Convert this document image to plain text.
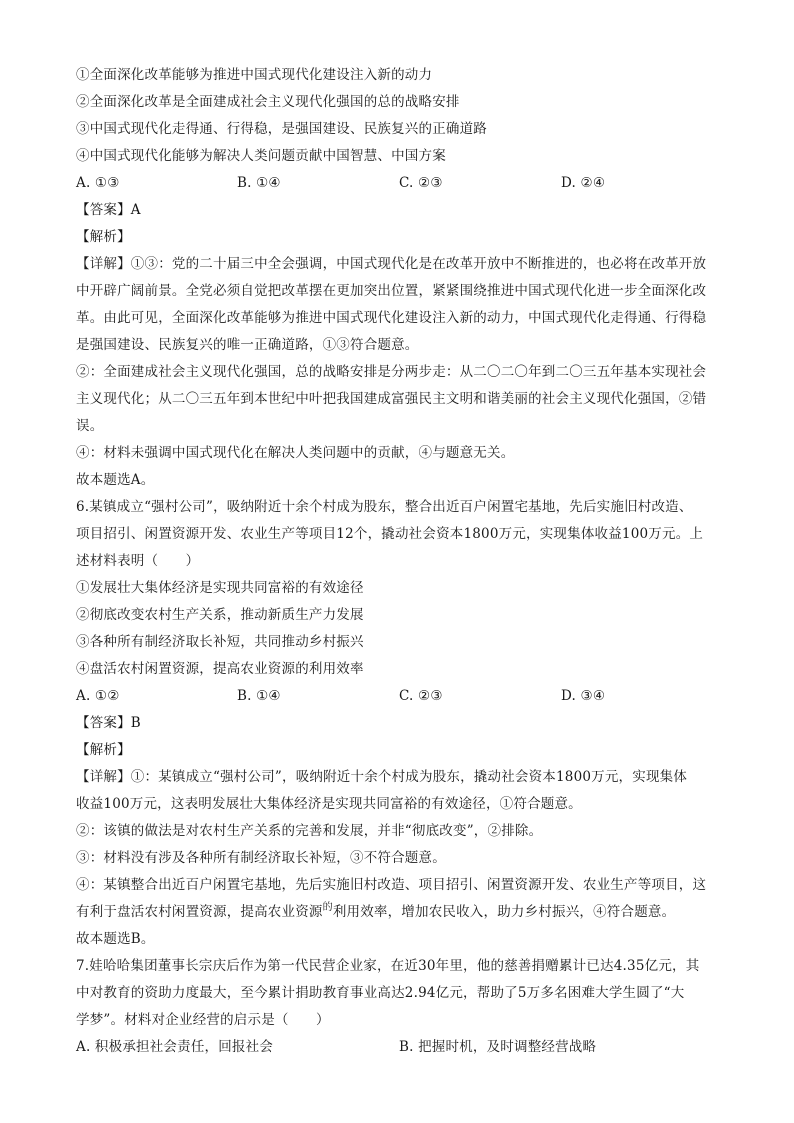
①全面深化改革能够为推进中国式现代化建设注入新的动力
②全面深化改革是全面建成社会主义现代化强国的总的战略安排
③中国式现代化走得通、行得稳，是强国建设、民族复兴的正确道路
④中国式现代化能够为解决人类问题贡献中国智慧、中国方案
A. ①③	B. ①④	C. ②③	D. ②④
【答案】A
【解析】
【详解】①③：党的二十届三中全会强调，中国式现代化是在改革开放中不断推进的，也必将在改革开放
中开辟广阔前景。全党必须自觉把改革摆在更加突出位置，紧紧围绕推进中国式现代化进一步全面深化改
革。由此可见，全面深化改革能够为推进中国式现代化建设注入新的动力，中国式现代化走得通、行得稳
是强国建设、民族复兴的唯一正确道路，①③符合题意。
②：全面建成社会主义现代化强国，总的战略安排是分两步走：从二〇二〇年到二〇三五年基本实现社会
主义现代化；从二〇三五年到本世纪中叶把我国建成富强民主文明和谐美丽的社会主义现代化强国，②错
误。
④：材料未强调中国式现代化在解决人类问题中的贡献，④与题意无关。
故本题选A。
6.某镇成立“强村公司”，吸纳附近十余个村成为股东，整合出近百户闲置宅基地，先后实施旧村改造、
项目招引、闲置资源开发、农业生产等项目12个，撬动社会资本1800万元，实现集体收益100万元。上
述材料表明（　　）
①发展壮大集体经济是实现共同富裕的有效途径
②彻底改变农村生产关系，推动新质生产力发展
③各种所有制经济取长补短，共同推动乡村振兴
④盘活农村闲置资源，提高农业资源的利用效率
A. ①②	B. ①④	C. ②③	D. ③④
【答案】B
【解析】
【详解】①：某镇成立“强村公司”，吸纳附近十余个村成为股东，撬动社会资本1800万元，实现集体
收益100万元，这表明发展壮大集体经济是实现共同富裕的有效途径，①符合题意。
②：该镇的做法是对农村生产关系的完善和发展，并非“彻底改变”，②排除。
③：材料没有涉及各种所有制经济取长补短，③不符合题意。
④：某镇整合出近百户闲置宅基地，先后实施旧村改造、项目招引、闲置资源开发、农业生产等项目，这
有利于盘活农村闲置资源，提高农业资源$^的$利用效率，增加农民收入，助力乡村振兴，④符合题意。
故本题选B。
7.娃哈哈集团董事长宗庆后作为第一代民营企业家，在近30年里，他的慈善捐赠累计已达4.35亿元，其
中对教育的资助力度最大，至今累计捐助教育事业高达2.94亿元，帮助了5万多名困难大学生圆了“大
学梦”。材料对企业经营的启示是（　　）
A. 积极承担社会责任，回报社会	B. 把握时机，及时调整经营战略
